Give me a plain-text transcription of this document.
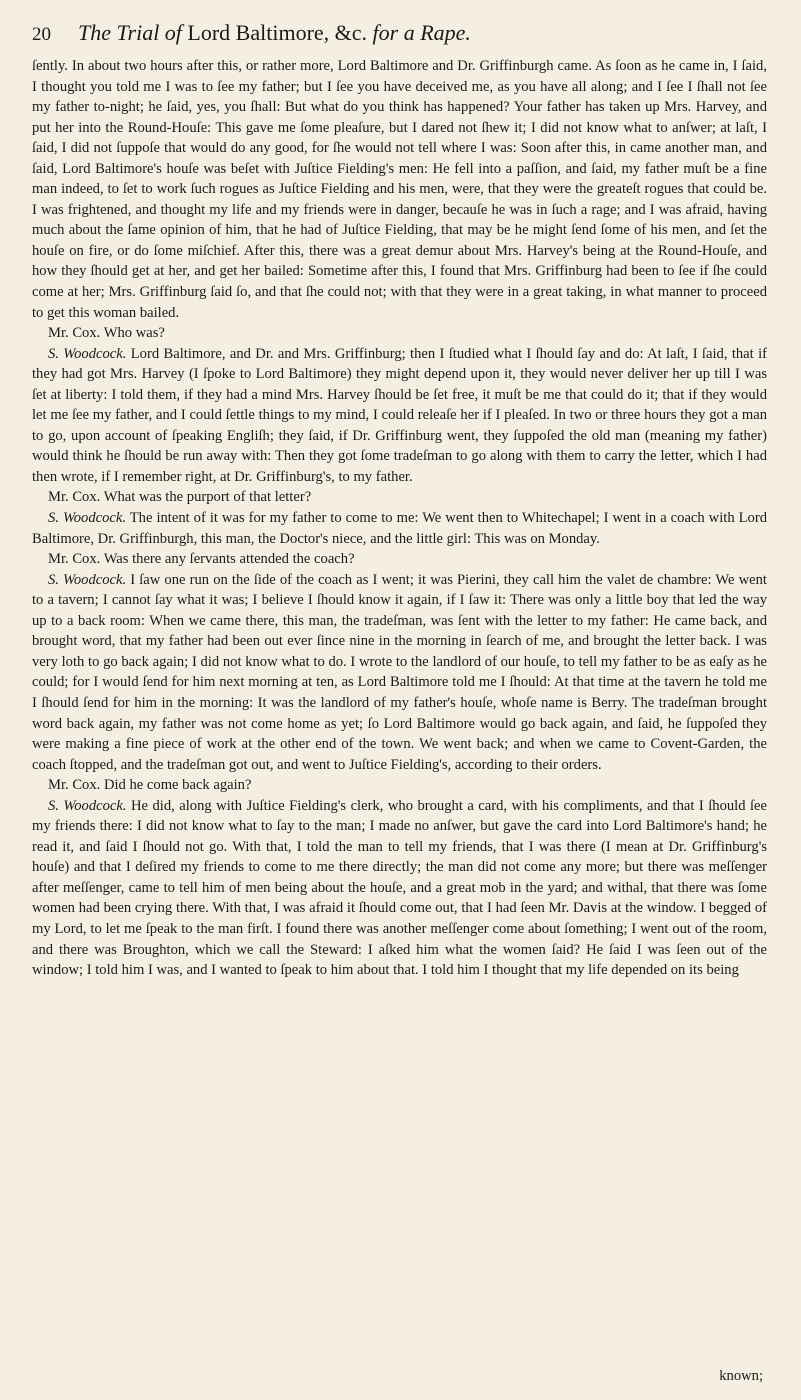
20	The Trial of Lord Baltimore, &c. for a Rape.

ſently. In about two hours after this, or rather more, Lord Baltimore and Dr. Griffinburgh came. As ſoon as he came in, I ſaid, I thought you told me I was to ſee my father; but I ſee you have deceived me, as you have all along; and I ſee I ſhall not ſee my father to-night; he ſaid, yes, you ſhall: But what do you think has happened? Your father has taken up Mrs. Harvey, and put her into the Round-Houſe: This gave me ſome pleaſure, but I dared not ſhew it; I did not know what to anſwer; at laſt, I ſaid, I did not ſuppoſe that would do any good, for ſhe would not tell where I was: Soon after this, in came another man, and ſaid, Lord Baltimore's houſe was beſet with Juſtice Fielding's men: He fell into a paſſion, and ſaid, my father muſt be a fine man indeed, to ſet to work ſuch rogues as Juſtice Fielding and his men, were, that they were the greateſt rogues that could be. I was frightened, and thought my life and my friends were in danger, becauſe he was in ſuch a rage; and I was afraid, having much about the ſame opinion of him, that he had of Juſtice Fielding, that may be he might ſend ſome of his men, and ſet the houſe on fire, or do ſome miſchief. After this, there was a great demur about Mrs. Harvey's being at the Round-Houſe, and how they ſhould get at her, and get her bailed: Sometime after this, I found that Mrs. Griffinburg had been to ſee if ſhe could come at her; Mrs. Griffinburg ſaid ſo, and that ſhe could not; with that they were in a great taking, in what manner to proceed to get this woman bailed.

Mr. Cox. Who was?

S. Woodcock. Lord Baltimore, and Dr. and Mrs. Griffinburg; then I ſtudied what I ſhould ſay and do: At laſt, I ſaid, that if they had got Mrs. Harvey (I ſpoke to Lord Baltimore) they might depend upon it, they would never deliver her up till I was ſet at liberty: I told them, if they had a mind Mrs. Harvey ſhould be ſet free, it muſt be me that could do it; that if they would let me ſee my father, and I could ſettle things to my mind, I could releaſe her if I pleaſed. In two or three hours they got a man to go, upon account of ſpeaking Engliſh; they ſaid, if Dr. Griffinburg went, they ſuppoſed the old man (meaning my father) would think he ſhould be run away with: Then they got ſome tradeſman to go along with them to carry the letter, which I had then wrote, if I remember right, at Dr. Griffinburg's, to my father.

Mr. Cox. What was the purport of that letter?

S. Woodcock. The intent of it was for my father to come to me: We went then to Whitechapel; I went in a coach with Lord Baltimore, Dr. Griffinburgh, this man, the Doctor's niece, and the little girl: This was on Monday.

Mr. Cox. Was there any ſervants attended the coach?

S. Woodcock. I ſaw one run on the ſide of the coach as I went; it was Pierini, they call him the valet de chambre: We went to a tavern; I cannot ſay what it was; I believe I ſhould know it again, if I ſaw it: There was only a little boy that led the way up to a back room: When we came there, this man, the tradeſman, was ſent with the letter to my father: He came back, and brought word, that my father had been out ever ſince nine in the morning in ſearch of me, and brought the letter back. I was very loth to go back again; I did not know what to do. I wrote to the landlord of our houſe, to tell my father to be as eaſy as he could; for I would ſend for him next morning at ten, as Lord Baltimore told me I ſhould: At that time at the tavern he told me I ſhould ſend for him in the morning: It was the landlord of my father's houſe, whoſe name is Berry. The tradeſman brought word back again, my father was not come home as yet; ſo Lord Baltimore would go back again, and ſaid, he ſuppoſed they were making a fine piece of work at the other end of the town. We went back; and when we came to Covent-Garden, the coach ſtopped, and the tradeſman got out, and went to Juſtice Fielding's, according to their orders.

Mr. Cox. Did he come back again?

S. Woodcock. He did, along with Juſtice Fielding's clerk, who brought a card, with his compliments, and that I ſhould ſee my friends there: I did not know what to ſay to the man; I made no anſwer, but gave the card into Lord Baltimore's hand; he read it, and ſaid I ſhould not go. With that, I told the man to tell my friends, that I was there (I mean at Dr. Griffinburg's houſe) and that I deſired my friends to come to me there directly; the man did not come any more; but there was meſſenger after meſſenger, came to tell him of men being about the houſe, and a great mob in the yard; and withal, that there was ſome women had been crying there. With that, I was afraid it ſhould come out, that I had ſeen Mr. Davis at the window. I begged of my Lord, to let me ſpeak to the man firſt. I found there was another meſſenger come about ſomething; I went out of the room, and there was Broughton, which we call the Steward: I aſked him what the women ſaid? He ſaid I was ſeen out of the window; I told him I was, and I wanted to ſpeak to him about that. I told him I thought that my life depended on its being

known;
